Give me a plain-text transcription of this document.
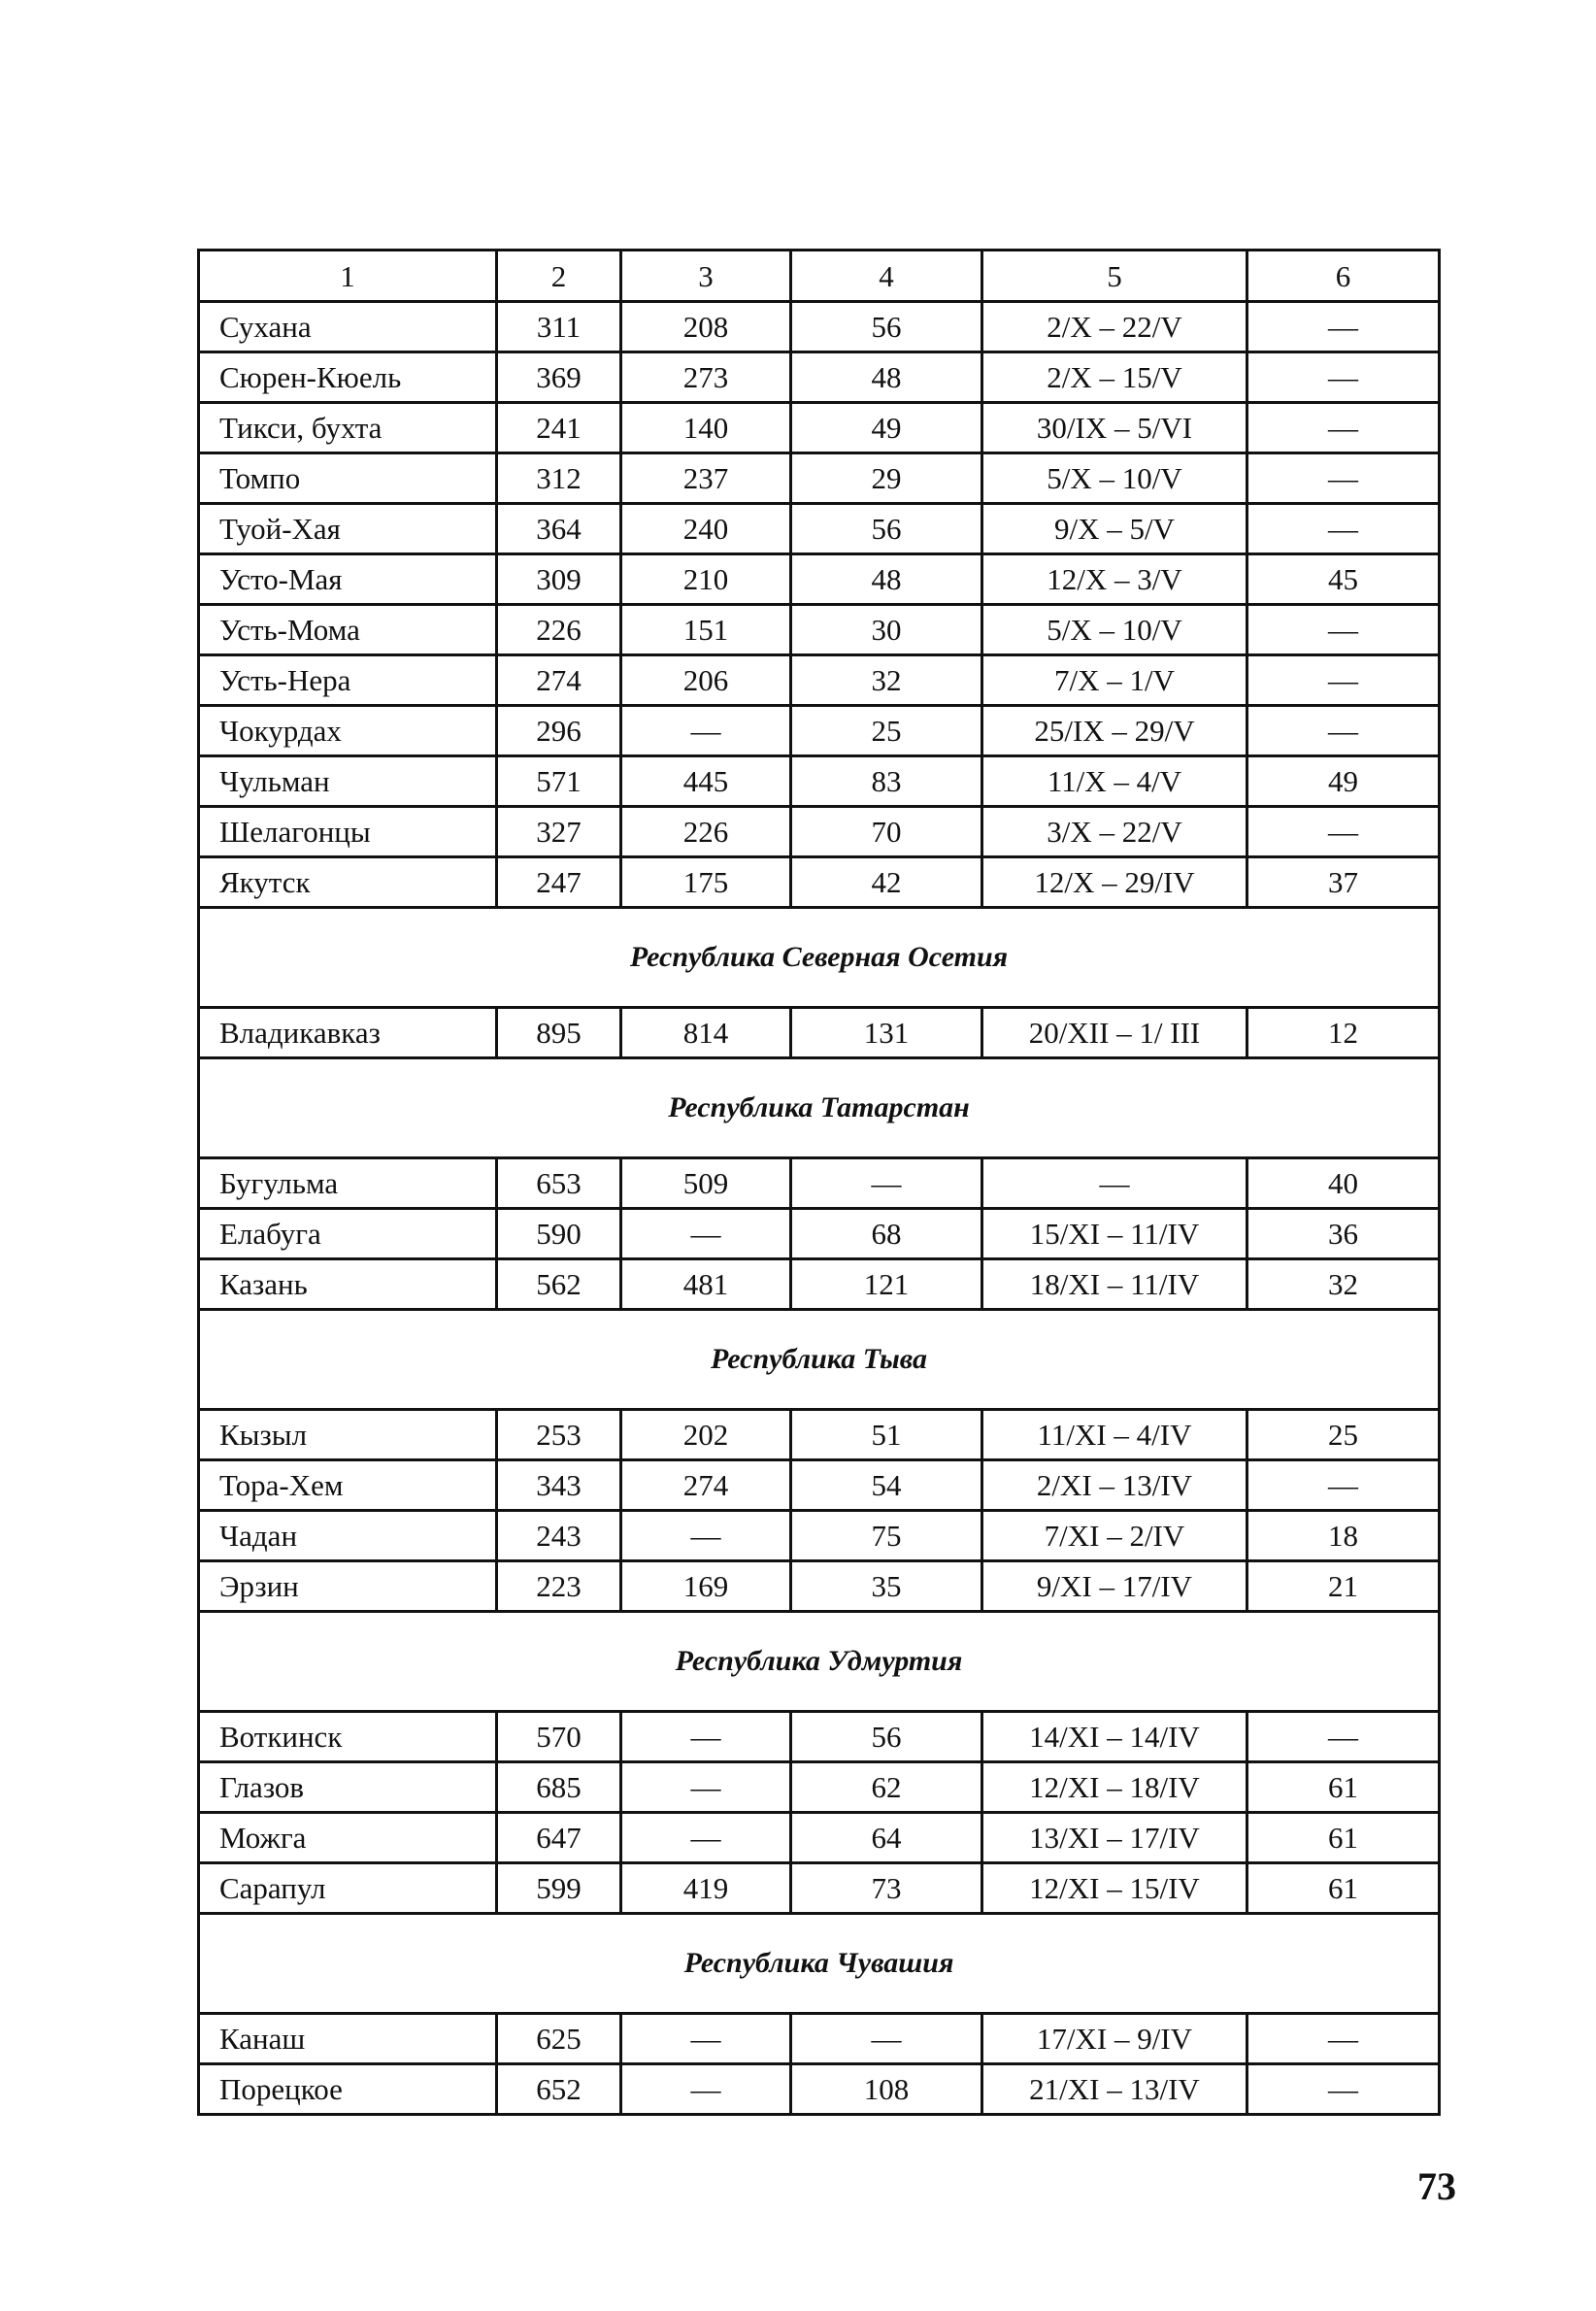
1	2	3	4	5	6
Сухана	311	208	56	2/X – 22/V	—
Сюрен-Кюель	369	273	48	2/X – 15/V	—
Тикси, бухта	241	140	49	30/IX – 5/VI	—
Томпо	312	237	29	5/X – 10/V	—
Туой-Хая	364	240	56	9/X – 5/V	—
Усто-Мая	309	210	48	12/X – 3/V	45
Усть-Мома	226	151	30	5/X – 10/V	—
Усть-Нера	274	206	32	7/X – 1/V	—
Чокурдах	296	—	25	25/IX – 29/V	—
Чульман	571	445	83	11/X – 4/V	49
Шелагонцы	327	226	70	3/X – 22/V	—
Якутск	247	175	42	12/X – 29/IV	37
Республика Северная Осетия					
Владикавказ	895	814	131	20/XII – 1/ III	12
Республика Татарстан					
Бугульма	653	509	—	—	40
Елабуга	590	—	68	15/XI – 11/IV	36
Казань	562	481	121	18/XI – 11/IV	32
Республика Тыва					
Кызыл	253	202	51	11/XI – 4/IV	25
Тора-Хем	343	274	54	2/XI – 13/IV	—
Чадан	243	—	75	7/XI – 2/IV	18
Эрзин	223	169	35	9/XI – 17/IV	21
Республика Удмуртия					
Воткинск	570	—	56	14/XI – 14/IV	—
Глазов	685	—	62	12/XI – 18/IV	61
Можга	647	—	64	13/XI – 17/IV	61
Сарапул	599	419	73	12/XI – 15/IV	61
Республика Чувашия					
Канаш	625	—	—	17/XI – 9/IV	—
Порецкое	652	—	108	21/XI – 13/IV	—
73
